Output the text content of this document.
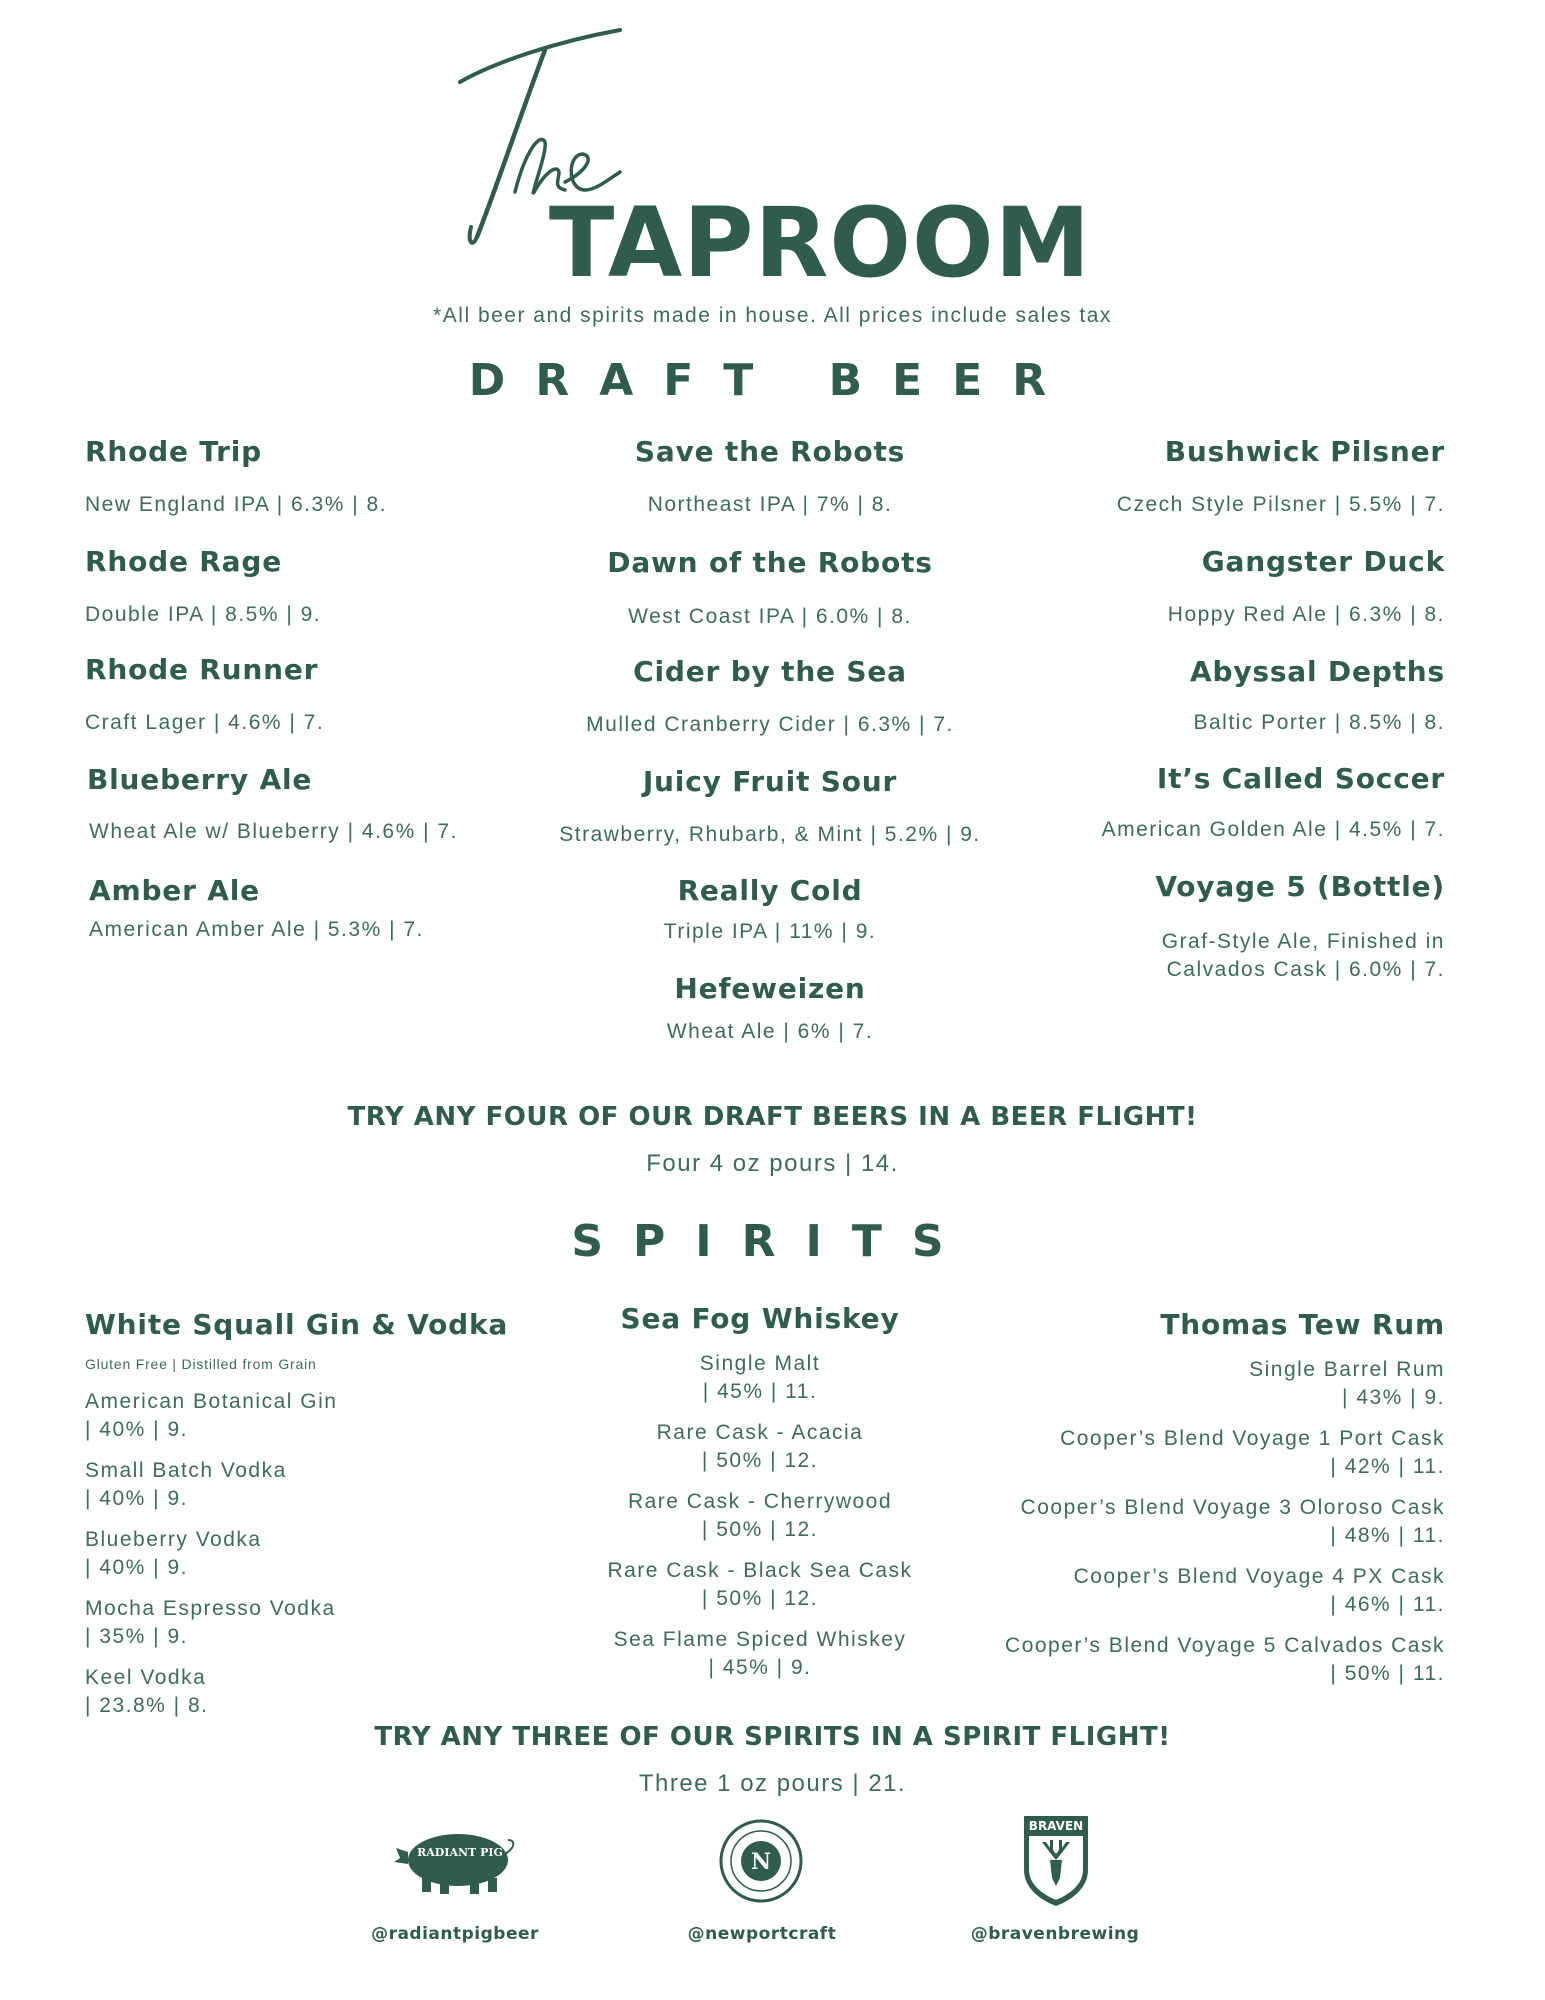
TAPROOM
*All beer and spirits made in house. All prices include sales tax
DRAFT BEER
Rhode Trip
New England IPA | 6.3% | 8.
Rhode Rage
Double IPA | 8.5% | 9.
Rhode Runner
Craft Lager | 4.6% | 7.
Blueberry Ale
Wheat Ale w/ Blueberry | 4.6% | 7.
Amber Ale
American Amber Ale | 5.3% | 7.
Save the Robots
Northeast IPA | 7% | 8.
Dawn of the Robots
West Coast IPA | 6.0% | 8.
Cider by the Sea
Mulled Cranberry Cider | 6.3% | 7.
Juicy Fruit Sour
Strawberry, Rhubarb, & Mint | 5.2% | 9.
Really Cold
Triple IPA | 11% | 9.
Hefeweizen
Wheat Ale | 6% | 7.
Bushwick Pilsner
Czech Style Pilsner | 5.5% | 7.
Gangster Duck
Hoppy Red Ale | 6.3% | 8.
Abyssal Depths
Baltic Porter | 8.5% | 8.
It’s Called Soccer
American Golden Ale | 4.5% | 7.
Voyage 5 (Bottle)
Graf-Style Ale, Finished in
Calvados Cask | 6.0% | 7.
TRY ANY FOUR OF OUR DRAFT BEERS IN A BEER FLIGHT!
Four 4 oz pours | 14.
SPIRITS
White Squall Gin & Vodka
Gluten Free | Distilled from Grain
American Botanical Gin
| 40% | 9.
Small Batch Vodka
| 40% | 9.
Blueberry Vodka
| 40% | 9.
Mocha Espresso Vodka
| 35% | 9.
Keel Vodka
| 23.8% | 8.
Sea Fog Whiskey
Single Malt
| 45% | 11.
Rare Cask - Acacia
| 50% | 12.
Rare Cask - Cherrywood
| 50% | 12.
Rare Cask - Black Sea Cask
| 50% | 12.
Sea Flame Spiced Whiskey
| 45% | 9.
Thomas Tew Rum
Single Barrel Rum
| 43% | 9.
Cooper’s Blend Voyage 1 Port Cask
| 42% | 11.
Cooper’s Blend Voyage 3 Oloroso Cask
| 48% | 11.
Cooper’s Blend Voyage 4 PX Cask
| 46% | 11.
Cooper’s Blend Voyage 5 Calvados Cask
| 50% | 11.
TRY ANY THREE OF OUR SPIRITS IN A SPIRIT FLIGHT!
Three 1 oz pours | 21.
RADIANT PIG	N
BRAVEN
@radiantpigbeer	@newportcraft	@bravenbrewing
